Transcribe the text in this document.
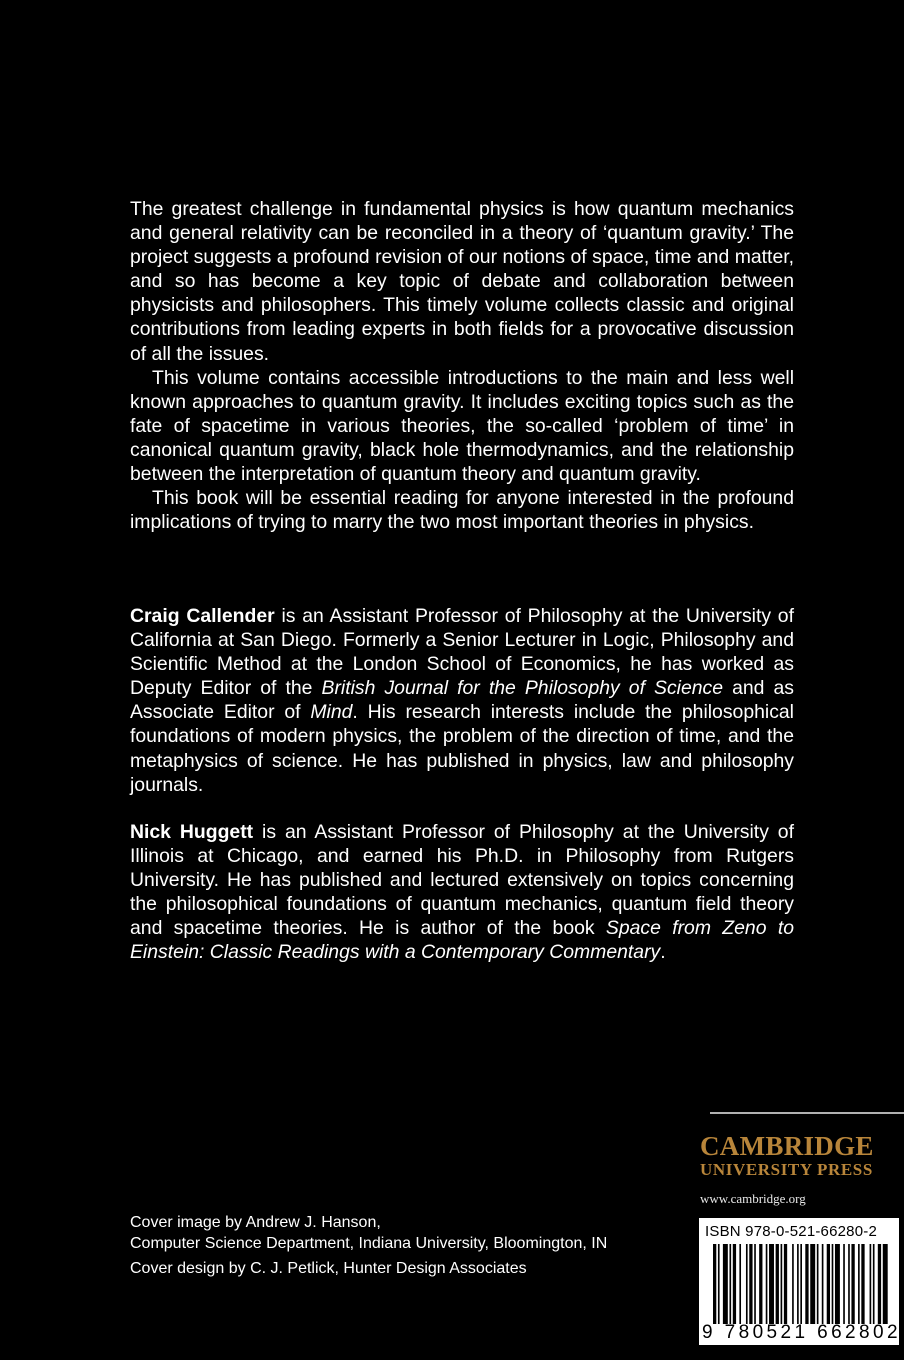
The greatest challenge in fundamental physics is how quantum mechanics and general relativity can be reconciled in a theory of ‘quantum gravity.’ The project suggests a profound revision of our notions of space, time and matter, and so has become a key topic of debate and collaboration between physicists and philosophers. This timely volume collects classic and original contributions from leading experts in both fields for a provocative discussion of all the issues.

This volume contains accessible introductions to the main and less well known approaches to quantum gravity. It includes exciting topics such as the fate of spacetime in various theories, the so-called ‘problem of time’ in canonical quantum gravity, black hole thermodynamics, and the relationship between the interpretation of quantum theory and quantum gravity.

This book will be essential reading for anyone interested in the profound implications of trying to marry the two most important theories in physics.

Craig Callender is an Assistant Professor of Philosophy at the University of California at San Diego. Formerly a Senior Lecturer in Logic, Philosophy and Scientific Method at the London School of Economics, he has worked as Deputy Editor of the British Journal for the Philosophy of Science and as Associate Editor of Mind. His research interests include the philosophical foundations of modern physics, the problem of the direction of time, and the metaphysics of science. He has published in physics, law and philosophy journals.

Nick Huggett is an Assistant Professor of Philosophy at the University of Illinois at Chicago, and earned his Ph.D. in Philosophy from Rutgers University. He has published and lectured extensively on topics concerning the philosophical foundations of quantum mechanics, quantum field theory and spacetime theories. He is author of the book Space from Zeno to Einstein: Classic Readings with a Contemporary Commentary.

CAMBRIDGE
UNIVERSITY PRESS
www.cambridge.org
Cover image by Andrew J. Hanson,
Computer Science Department, Indiana University, Bloomington, IN
Cover design by C. J. Petlick, Hunter Design Associates
ISBN 978-0-521-66280-2
9 780521 662802
